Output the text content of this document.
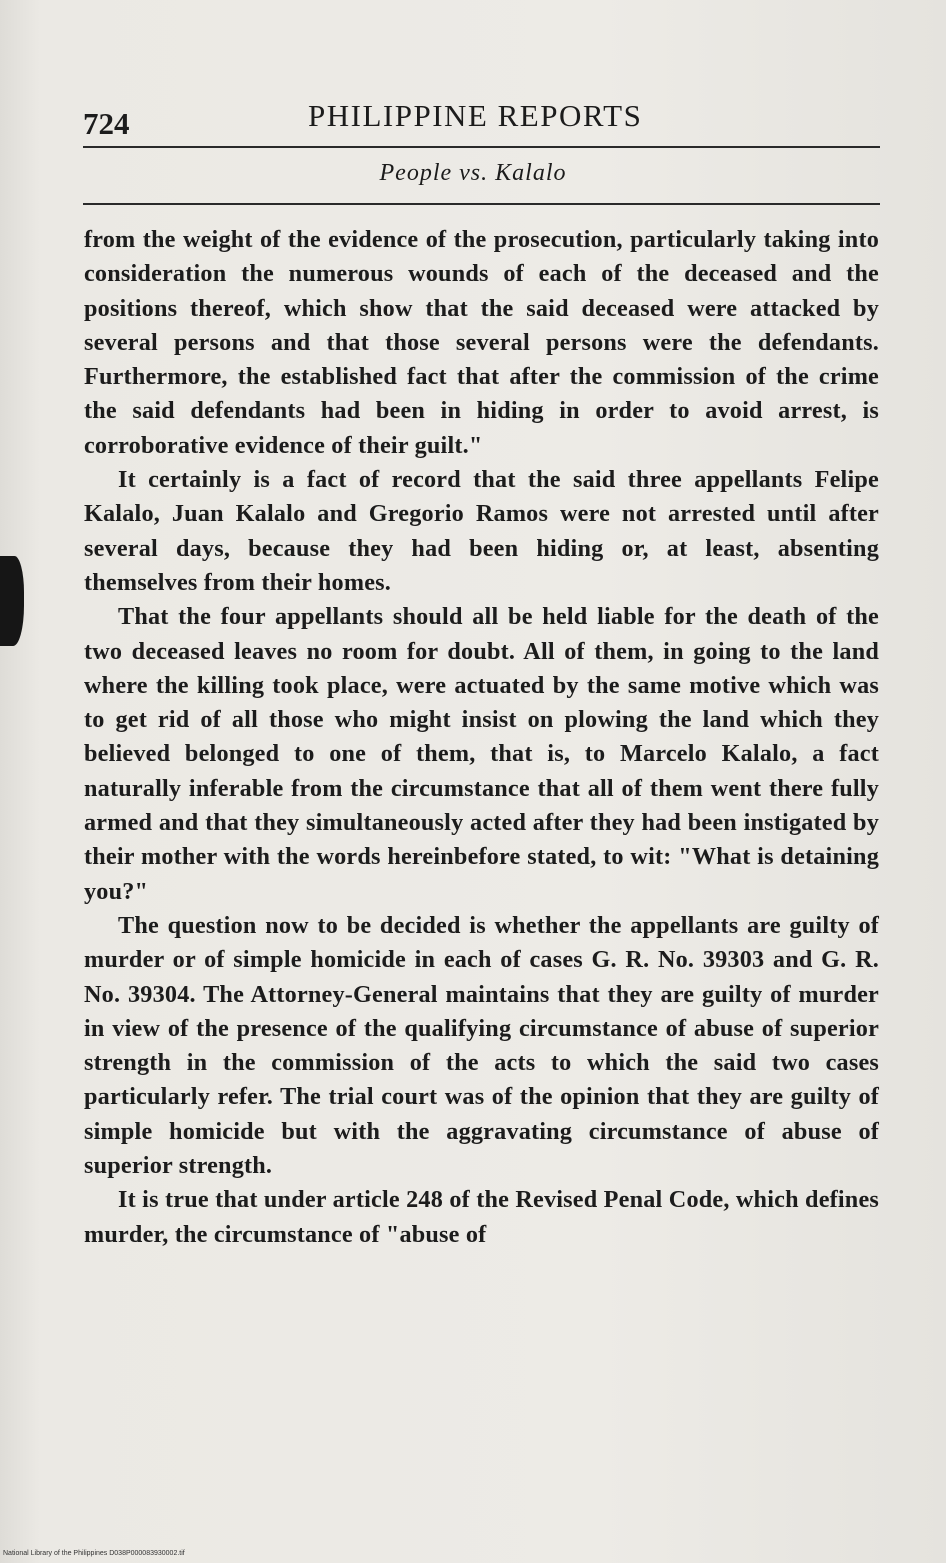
724	PHILIPPINE REPORTS
People vs. Kalalo

from the weight of the evidence of the prosecution, particularly taking into consideration the numerous wounds of each of the deceased and the positions thereof, which show that the said deceased were attacked by several persons and that those several persons were the defendants. Furthermore, the established fact that after the commission of the crime the said defendants had been in hiding in order to avoid arrest, is corroborative evidence of their guilt."

It certainly is a fact of record that the said three appellants Felipe Kalalo, Juan Kalalo and Gregorio Ramos were not arrested until after several days, because they had been hiding or, at least, absenting themselves from their homes.

That the four appellants should all be held liable for the death of the two deceased leaves no room for doubt. All of them, in going to the land where the killing took place, were actuated by the same motive which was to get rid of all those who might insist on plowing the land which they believed belonged to one of them, that is, to Marcelo Kalalo, a fact naturally inferable from the circumstance that all of them went there fully armed and that they simultaneously acted after they had been instigated by their mother with the words hereinbefore stated, to wit: "What is detaining you?"

The question now to be decided is whether the appellants are guilty of murder or of simple homicide in each of cases G. R. No. 39303 and G. R. No. 39304. The Attorney-General maintains that they are guilty of murder in view of the presence of the qualifying circumstance of abuse of superior strength in the commission of the acts to which the said two cases particularly refer. The trial court was of the opinion that they are guilty of simple homicide but with the aggravating circumstance of abuse of superior strength.

It is true that under article 248 of the Revised Penal Code, which defines murder, the circumstance of "abuse of

National Library of the Philippines D038P000083930002.tif
